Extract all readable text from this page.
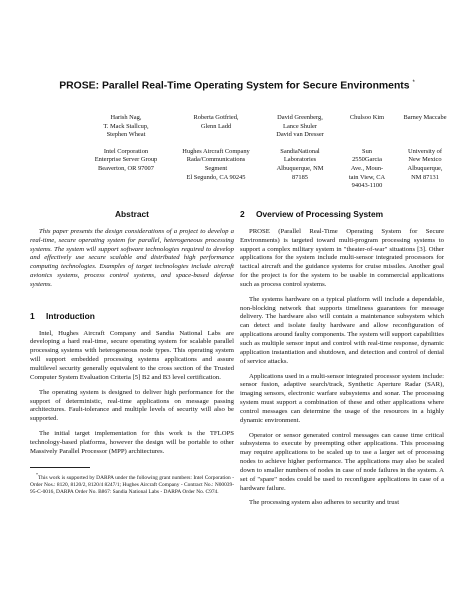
PROSE: Parallel Real-Time Operating System for Secure Environments *
Harish Nag,
T. Mack Stallcup,
Stephen Wheat
Intel Corporation
Enterprise Server Group
Beaverton, OR 97007
Roberta Gotfried,
Glenn Ladd
Hughes Aircraft Company
Rada/Communications
Segment
El Segundo, CA 90245
David Greenberg,
Lance Shuler
David van Dresser
SandiaNational
Laboratories
Albuquerque, NM
87185
Chulsoo Kim
Sun
2550Garcia
Ave., Moun-
tain View, CA
94043-1100
Barney Maccabe
University of
New Mexico
Albuquerque,
NM 87131
Abstract

This paper presents the design considerations of a project to develop a real-time, secure operating system for parallel, heterogeneous processing systems. The system will support software technologies required to develop and effectively use secure scalable and distributed high performance computing technologies. Examples of target technologies include aircraft avionics systems, process control systems, and space-based defense systems.

1 Introduction

Intel, Hughes Aircraft Company and Sandia National Labs are developing a hard real-time, secure operating system for scalable parallel processing systems with heterogeneous node types. This operating system will support embedded processing systems applications and assure multilevel security generally equivalent to the cross section of the Trusted Computer System Evaluation Criteria [5] B2 and B3 level certification.

The operating system is designed to deliver high performance for the support of deterministic, real-time applications on message passing architectures. Fault-tolerance and multiple levels of security will also be supported.

The initial target implementation for this work is the TFLOPS technology-based platforms, however the design will be portable to other Massively Parallel Processor (MPP) architectures.

*This work is supported by DARPA under the following grant numbers: Intel Corporation - Order Nos.: 8120, 8120/2, 8120/4 8247/1; Hughes Aircraft Company - Contract No.: N00039-95-C-0016, DARPA Order No. B867: Sandia National Labs - DARPA Order No. C974.
2 Overview of Processing System

PROSE (Parallel Real-Time Operating System for Secure Environments) is targeted toward multi-program processing systems to support a complex military system in "theater-of-war" situations [3]. Other applications for the system include multi-sensor integrated processors for tactical aircraft and the guidance systems for cruise missiles. Another goal for the project is for the system to be usable in commercial applications such as process control systems.

The systems hardware on a typical platform will include a dependable, non-blocking network that supports timeliness guarantees for message delivery. The hardware also will contain a maintenance subsystem which can detect and isolate faulty hardware and allow reconfiguration of applications around faulty components. The system will support capabilities such as multiple sensor input and control with real-time response, dynamic application instantiation and shutdown, and detection and control of denial of service attacks.

Applications used in a multi-sensor integrated processor system include: sensor fusion, adaptive search/track, Synthetic Aperture Radar (SAR), imaging sensors, electronic warfare subsystems and sonar. The processing system must support a combination of these and other applications where control messages can determine the usage of the resources in a highly dynamic environment.

Operator or sensor generated control messages can cause time critical subsystems to execute by preempting other applications. This processing may require applications to be scaled up to use a larger set of processing nodes to achieve higher performance. The applications may also be scaled down to smaller numbers of nodes in case of node failures in the system. A set of "spare" nodes could be used to reconfigure applications in case of a hardware failure.

The processing system also adheres to security and trust
